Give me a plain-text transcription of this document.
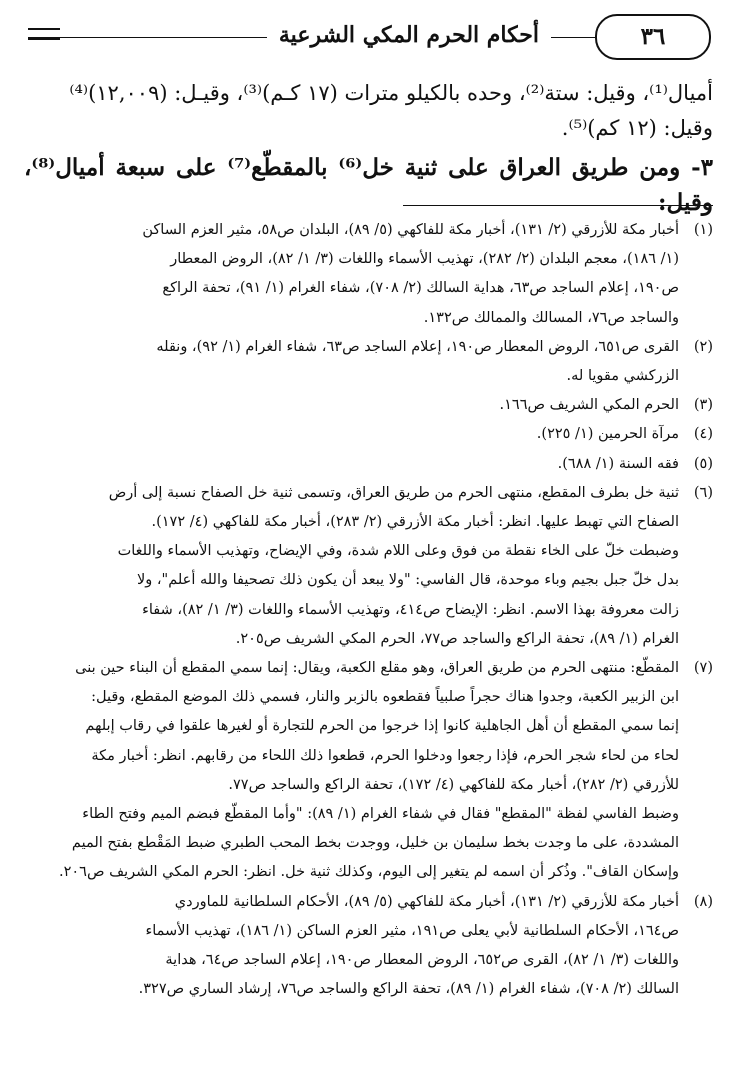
٣٦
أحكام الحرم المكي الشرعية

أميال⁽¹⁾، وقيل: ستة⁽²⁾، وحده بالكيلو مترات (١٧ كـم)⁽³⁾، وقيـل: (١٢,٠٠٩)⁽⁴⁾

وقيل: (١٢ كم)⁽⁵⁾.

٣- ومن طريق العراق على ثنية خل⁽⁶⁾ بالمقطّع⁽⁷⁾ على سبعة أميال⁽⁸⁾، وقيل:

(١)
أخبار مكة للأزرقي (٢/ ١٣١)، أخبار مكة للفاكهي (٥/ ٨٩)، البلدان ص٥٨، مثير العزم الساكن
(١/ ١٨٦)، معجم البلدان (٢/ ٢٨٢)، تهذيب الأسماء واللغات (٣/ ١/ ٨٢)، الروض المعطار
ص١٩٠، إعلام الساجد ص٦٣، هداية السالك (٢/ ٧٠٨)، شفاء الغرام (١/ ٩١)، تحفة الراكع
والساجد ص٧٦، المسالك والممالك ص١٣٢.
(٢)
القرى ص٦٥١، الروض المعطار ص١٩٠، إعلام الساجد ص٦٣، شفاء الغرام (١/ ٩٢)، ونقله
الزركشي مقويا له.
(٣)
الحرم المكي الشريف ص١٦٦.
(٤)
مرآة الحرمين (١/ ٢٢٥).
(٥)
فقه السنة (١/ ٦٨٨).
(٦)
ثنية خل بطرف المقطع، منتهى الحرم من طريق العراق، وتسمى ثنية خل الصفاح نسبة إلى أرض
الصفاح التي تهبط عليها. انظر: أخبار مكة الأزرقي (٢/ ٢٨٣)، أخبار مكة للفاكهي (٤/ ١٧٢).
وضبطت خلّ على الخاء نقطة من فوق وعلى اللام شدة، وفي الإيضاح، وتهذيب الأسماء واللغات
بدل خلّ جبل بجيم وباء موحدة، قال الفاسي: "ولا يبعد أن يكون ذلك تصحيفا والله أعلم"، ولا
زالت معروفة بهذا الاسم. انظر: الإيضاح ص٤١٤، وتهذيب الأسماء واللغات (٣/ ١/ ٨٢)، شفاء
الغرام (١/ ٨٩)، تحفة الراكع والساجد ص٧٧، الحرم المكي الشريف ص٢٠٥.
(٧)
المقطّع: منتهى الحرم من طريق العراق، وهو مقلع الكعبة، ويقال: إنما سمي المقطع أن البناء حين بنى
ابن الزبير الكعبة، وجدوا هناك حجراً صلبياً فقطعوه بالزبر والنار، فسمي ذلك الموضع المقطع، وقيل:
إنما سمي المقطع أن أهل الجاهلية كانوا إذا خرجوا من الحرم للتجارة أو لغيرها علقوا في رقاب إبلهم
لحاء من لحاء شجر الحرم، فإذا رجعوا ودخلوا الحرم، قطعوا ذلك اللحاء من رقابهم. انظر: أخبار مكة
للأزرقي (٢/ ٢٨٢)، أخبار مكة للفاكهي (٤/ ١٧٢)، تحفة الراكع والساجد ص٧٧.
وضبط الفاسي لفظة "المقطع" فقال في شفاء الغرام (١/ ٨٩): "وأما المقطّع فبضم الميم وفتح الطاء
المشددة، على ما وجدت بخط سليمان بن خليل، ووجدت بخط المحب الطبري ضبط المَقْطع بفتح الميم
وإسكان القاف". وذُكر أن اسمه لم يتغير إلى اليوم، وكذلك ثنية خل. انظر: الحرم المكي الشريف ص٢٠٦.
(٨)
أخبار مكة للأزرقي (٢/ ١٣١)، أخبار مكة للفاكهي (٥/ ٨٩)، الأحكام السلطانية للماوردي
ص١٦٤، الأحكام السلطانية لأبي يعلى ص١٩١، مثير العزم الساكن (١/ ١٨٦)، تهذيب الأسماء
واللغات (٣/ ١/ ٨٢)، القرى ص٦٥٢، الروض المعطار ص١٩٠، إعلام الساجد ص٦٤، هداية
السالك (٢/ ٧٠٨)، شفاء الغرام (١/ ٨٩)، تحفة الراكع والساجد ص٧٦، إرشاد الساري ص٣٢٧.
